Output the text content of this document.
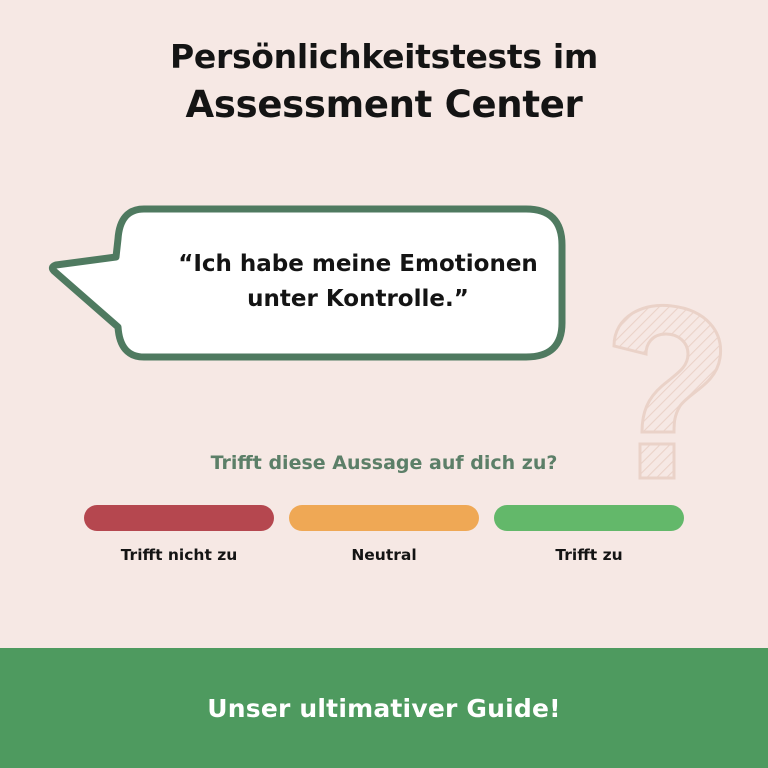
Persönlichkeitstests im
Assessment Center
“Ich habe meine Emotionen
unter Kontrolle.”
Trifft diese Aussage auf dich zu?
Trifft nicht zu	Neutral	Trifft zu
Unser ultimativer Guide!
